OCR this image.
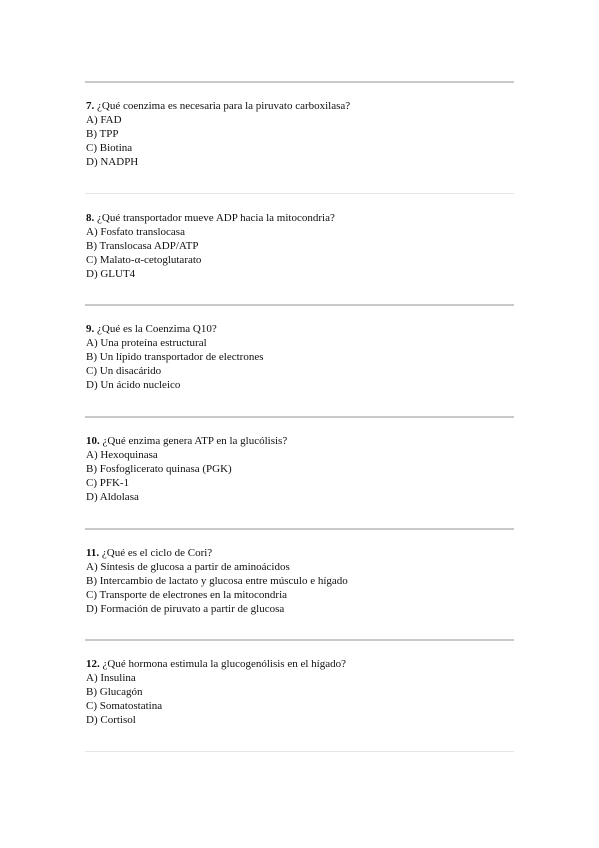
7. ¿Qué coenzima es necesaria para la piruvato carboxilasa?
A) FAD
B) TPP
C) Biotina
D) NADPH
8. ¿Qué transportador mueve ADP hacia la mitocondria?
A) Fosfato translocasa
B) Translocasa ADP/ATP
C) Malato-α-cetoglutarato
D) GLUT4
9. ¿Qué es la Coenzima Q10?
A) Una proteína estructural
B) Un lípido transportador de electrones
C) Un disacárido
D) Un ácido nucleico
10. ¿Qué enzima genera ATP en la glucólisis?
A) Hexoquinasa
B) Fosfoglicerato quinasa (PGK)
C) PFK-1
D) Aldolasa
11. ¿Qué es el ciclo de Cori?
A) Síntesis de glucosa a partir de aminoácidos
B) Intercambio de lactato y glucosa entre músculo e hígado
C) Transporte de electrones en la mitocondria
D) Formación de piruvato a partir de glucosa
12. ¿Qué hormona estimula la glucogenólisis en el hígado?
A) Insulina
B) Glucagón
C) Somatostatina
D) Cortisol
